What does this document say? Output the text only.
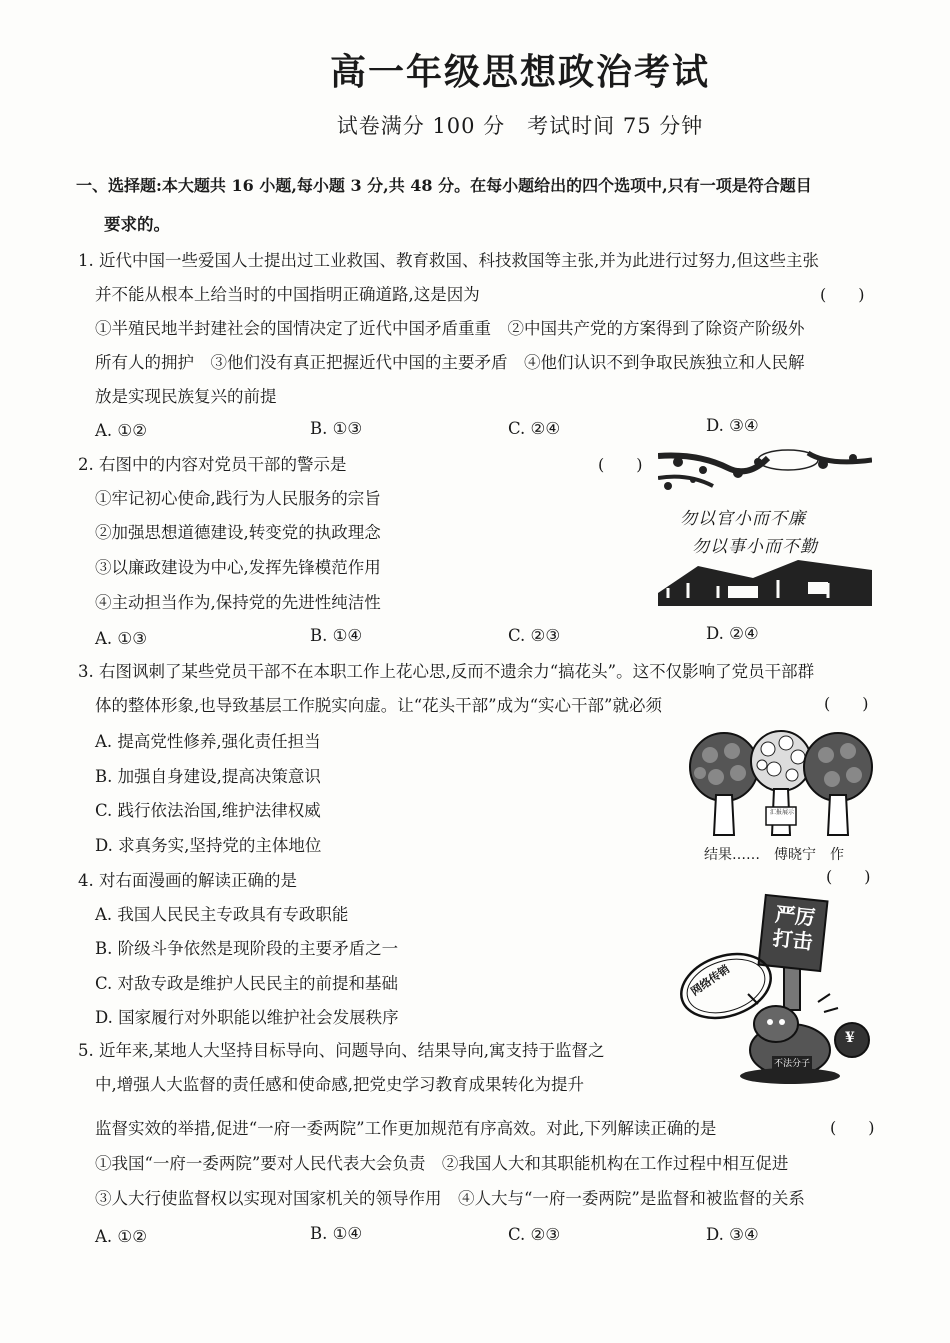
高一年级思想政治考试
试卷满分 100 分　考试时间 75 分钟
一、选择题:本大题共 16 小题,每小题 3 分,共 48 分。在每小题给出的四个选项中,只有一项是符合题目
要求的。
1. 近代中国一些爱国人士提出过工业救国、教育救国、科技救国等主张,并为此进行过努力,但这些主张
并不能从根本上给当时的中国指明正确道路,这是因为	(　　)
①半殖民地半封建社会的国情决定了近代中国矛盾重重　②中国共产党的方案得到了除资产阶级外
所有人的拥护　③他们没有真正把握近代中国的主要矛盾　④他们认识不到争取民族独立和人民解
放是实现民族复兴的前提
A. ①②	B. ①③	C. ②④	D. ③④
2. 右图中的内容对党员干部的警示是	(　　)
①牢记初心使命,践行为人民服务的宗旨
②加强思想道德建设,转变党的执政理念
③以廉政建设为中心,发挥先锋模范作用
④主动担当作为,保持党的先进性纯洁性
A. ①③	B. ①④	C. ②③	D. ②④
勿以官小而不廉
勿以事小而不勤
3. 右图讽刺了某些党员干部不在本职工作上花心思,反而不遗余力“搞花头”。这不仅影响了党员干部群
体的整体形象,也导致基层工作脱实向虚。让“花头干部”成为“实心干部”就必须	(　　)
A. 提高党性修养,强化责任担当
B. 加强自身建设,提高决策意识
C. 践行依法治国,维护法律权威
D. 求真务实,坚持党的主体地位
汇报展示
结果……　傅晓宁　作
4. 对右面漫画的解读正确的是	(　　)
A. 我国人民民主专政具有专政职能
B. 阶级斗争依然是现阶段的主要矛盾之一
C. 对敌专政是维护人民民主的前提和基础
D. 国家履行对外职能以维护社会发展秩序
严厉打击
网络传销
不法分子
¥
5. 近年来,某地人大坚持目标导向、问题导向、结果导向,寓支持于监督之
中,增强人大监督的责任感和使命感,把党史学习教育成果转化为提升
监督实效的举措,促进“一府一委两院”工作更加规范有序高效。对此,下列解读正确的是	(　　)
①我国“一府一委两院”要对人民代表大会负责　②我国人大和其职能机构在工作过程中相互促进
③人大行使监督权以实现对国家机关的领导作用　④人大与“一府一委两院”是监督和被监督的关系
A. ①②	B. ①④	C. ②③	D. ③④
